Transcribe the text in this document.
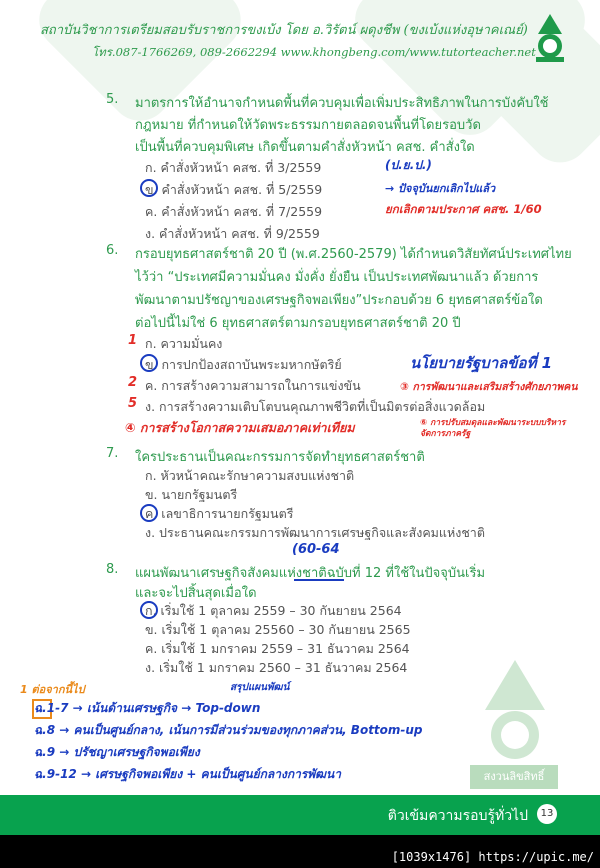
สถาบันวิชาการเตรียมสอบรับราชการขงเบ้ง โดย อ.วิรัตน์ ผดุงชีพ (ขงเบ้งแห่งอุษาคเณย์)
โทร.087-1766269, 089-2662294 www.khongbeng.com/www.tutorteacher.net
5. มาตรการให้อำนาจกำหนดพื้นที่ควบคุมเพื่อเพิ่มประสิทธิภาพในการบังคับใช้
กฎหมาย ที่กำหนดให้วัดพระธรรมกายตลอดจนพื้นที่โดยรอบวัด
เป็นพื้นที่ควบคุมพิเศษ เกิดขึ้นตามคำสั่งหัวหน้า คสช. คำสั่งใด
ก. คำสั่งหัวหน้า คสช. ที่ 3/2559
ข. คำสั่งหัวหน้า คสช. ที่ 5/2559
ค. คำสั่งหัวหน้า คสช. ที่ 7/2559
ง. คำสั่งหัวหน้า คสช. ที่ 9/2559
(ป.ย.ป.)
→ ปัจจุบันยกเลิกไปแล้ว
ยกเลิกตามประกาศ คสช. 1/60
6. กรอบยุทธศาสตร์ชาติ 20 ปี (พ.ศ.2560-2579) ได้กำหนดวิสัยทัศน์ประเทศไทย
ไว้ว่า “ประเทศมีความมั่นคง มั่งคั่ง ยั่งยืน เป็นประเทศพัฒนาแล้ว ด้วยการ
พัฒนาตามปรัชญาของเศรษฐกิจพอเพียง”ประกอบด้วย 6 ยุทธศาสตร์ข้อใด
ต่อไปนี้ไม่ใช่ 6 ยุทธศาสตร์ตามกรอบยุทธศาสตร์ชาติ 20 ปี
ก. ความมั่นคง
ข. การปกป้องสถาบันพระมหากษัตริย์
ค. การสร้างความสามารถในการแข่งขัน
ง. การสร้างความเติบโตบนคุณภาพชีวิตที่เป็นมิตรต่อสิ่งแวดล้อม
1
2
5
นโยบายรัฐบาลข้อที่ 1
③ การพัฒนาและเสริมสร้างศักยภาพคน
④ การสร้างโอกาสความเสมอภาคเท่าเทียม	⑥ การปรับสมดุลและพัฒนาระบบบริหารจัดการภาครัฐ
7. ใครประธานเป็นคณะกรรมการจัดทำยุทธศาสตร์ชาติ
ก. หัวหน้าคณะรักษาความสงบแห่งชาติ
ข. นายกรัฐมนตรี
ค. เลขาธิการนายกรัฐมนตรี
ง. ประธานคณะกรรมการพัฒนาการเศรษฐกิจและสังคมแห่งชาติ
(60-64
8. แผนพัฒนาเศรษฐกิจสังคมแห่งชาติฉบับที่ 12 ที่ใช้ในปัจจุบันเริ่ม
และจะไปสิ้นสุดเมื่อใด
ก. เริ่มใช้ 1 ตุลาคม 2559 – 30 กันยายน 2564
ข. เริ่มใช้ 1 ตุลาคม 25560 – 30 กันยายน 2565
ค. เริ่มใช้ 1 มกราคม 2559 – 31 ธันวาคม 2564
ง. เริ่มใช้ 1 มกราคม 2560 – 31 ธันวาคม 2564
1 ต่อจากนี้ไป	สรุปแผนพัฒน์
ฉ.1-7 → เน้นด้านเศรษฐกิจ → Top-down
ฉ.8 → คนเป็นศูนย์กลาง, เน้นการมีส่วนร่วมของทุกภาคส่วน, Bottom-up
ฉ.9 → ปรัชญาเศรษฐกิจพอเพียง
ฉ.9-12 → เศรษฐกิจพอเพียง + คนเป็นศูนย์กลางการพัฒนา	สงวนลิขสิทธิ์
ติวเข้มความรอบรู้ทั่วไป	13
[1039x1476] https://upic.me/
